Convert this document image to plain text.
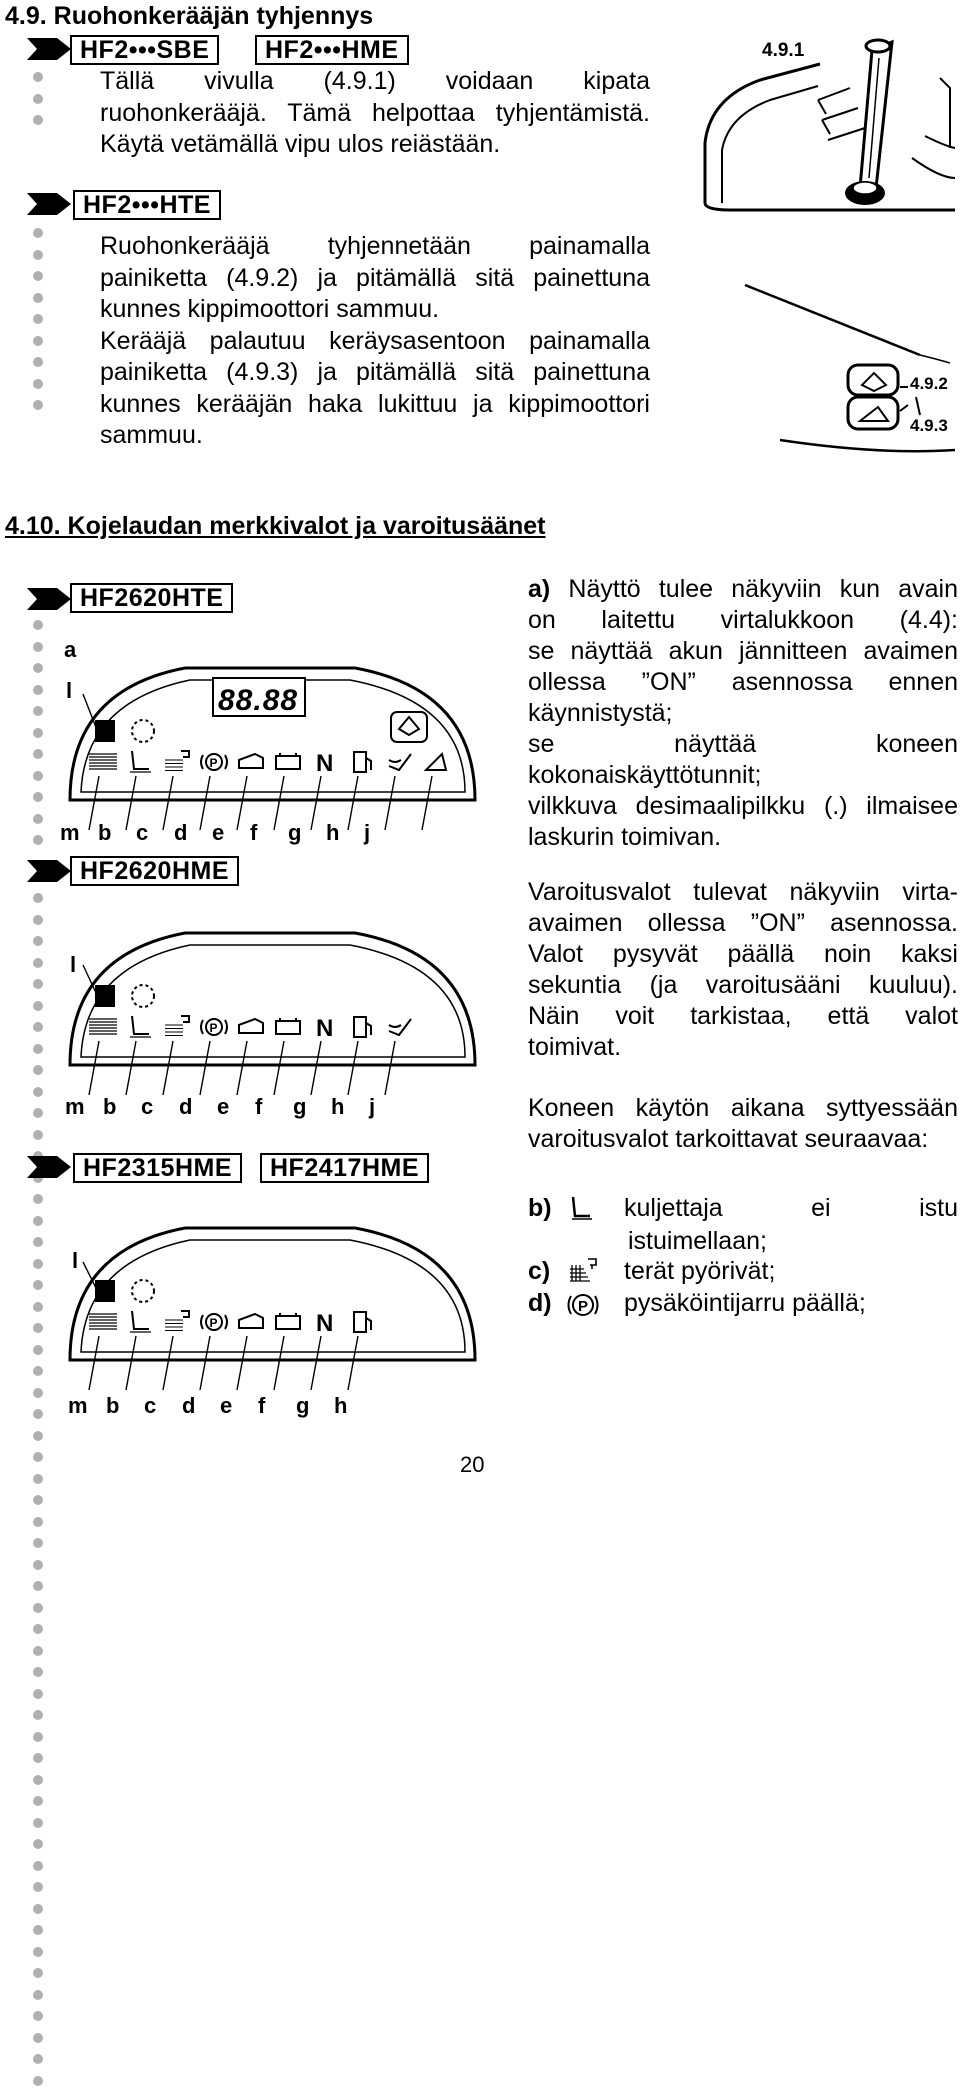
4.9. Ruohonkerääjän tyhjennys
HF2•••SBE	HF2•••HME
Tällä vivulla (4.9.1) voidaan kipata
ruohonkerääjä. Tämä helpottaa tyhjentämistä.
Käytä vetämällä vipu ulos reiästään.
HF2•••HTE
Ruohonkerääjä tyhjennetään painamalla
painiketta (4.9.2) ja pitämällä sitä painettuna
kunnes kippimoottori sammuu.
Kerääjä palautuu keräysasentoon painamalla
painiketta (4.9.3) ja pitämällä sitä painettuna
kunnes kerääjän haka lukittuu ja kippimoottori
sammuu.
4.9.1
4.9.2
4.9.3
4.10. Kojelaudan merkkivalot ja varoitusäänet
HF2620HTE
a
l	88.88
P	N
m b c d e f g h j
HF2620HME
l
P	N
m b c d e f g h j
HF2315HME	HF2417HME
l
P	N
m b c d e f g h
a) Näyttö tulee näkyviin kun avain
on laitettu virtalukkoon (4.4):
se näyttää akun jännitteen avaimen
ollessa ”ON” asennossa ennen
käynnistystä;
se näyttää koneen
kokonaiskäyttötunnit;
vilkkuva desimaalipilkku (.) ilmaisee
laskurin toimivan.
Varoitusvalot tulevat näkyviin virta-
avaimen ollessa ”ON” asennossa.
Valot pysyvät päällä noin kaksi
sekuntia (ja varoitusääni kuuluu).
Näin voit tarkistaa, että valot
toimivat.
Koneen käytön aikana syttyessään
varoitusvalot tarkoittavat seuraavaa:
b)	kuljettaja ei istu
istuimellaan;
c)	terät pyörivät;
d) P pysäköintijarru päällä;
20
